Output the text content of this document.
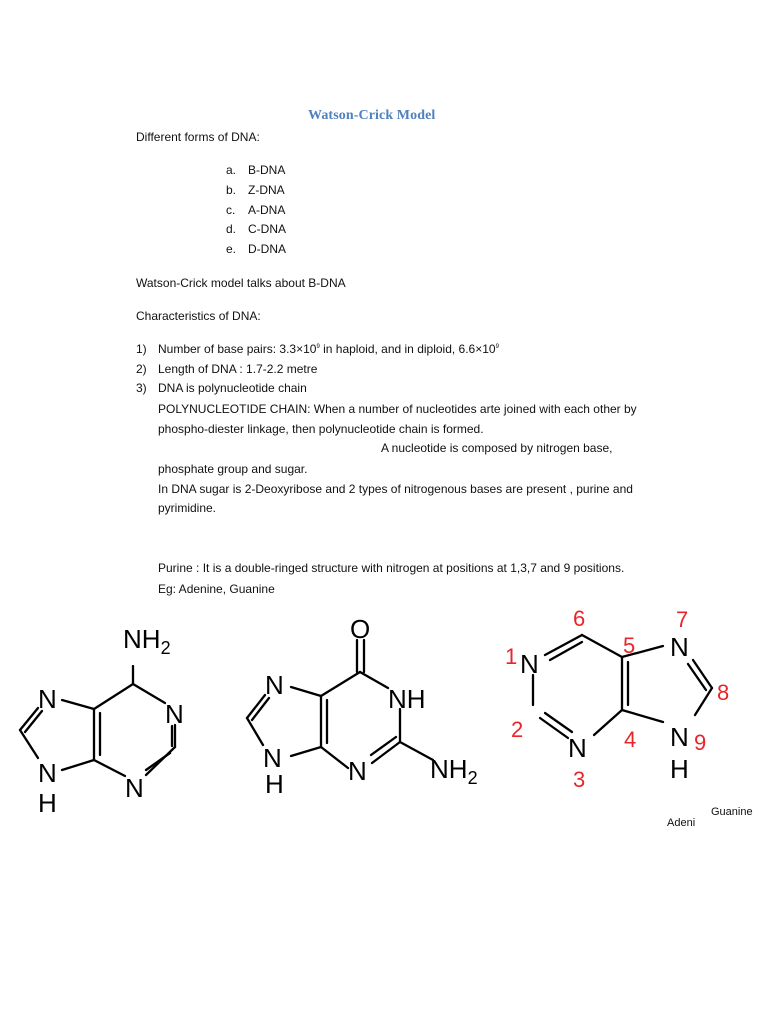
Watson-Crick Model
Different forms of DNA:
a. B-DNA
b. Z-DNA
c. A-DNA
d. C-DNA
e. D-DNA
Watson-Crick model talks about B-DNA
Characteristics of DNA:
1) Number of base pairs: $3.3\times 10^9$ in haploid, and in diploid, $6.6\times 10^9$
2) Length of DNA : 1.7-2.2 metre
3) DNA is polynucleotide chain
POLYNUCLEOTIDE CHAIN: When a number of nucleotides arte joined with each other by
phospho-diester linkage, then polynucleotide chain is formed.
A nucleotide is composed by nitrogen base,
phosphate group and sugar.
In DNA sugar is 2-Deoxyribose and 2 types of nitrogenous bases are present , purine and
pyrimidine.
Purine : It is a double-ringed structure with nitrogen at positions at 1,3,7 and 9 positions.
Eg: Adenine, Guanine
$NH_2$
N
N
N
N
H
O
NH
N
N
N
H	$NH_2$
N
N
N
N
H
1
2
3
4
5
6	7
8
9
Guanine
Adeni
